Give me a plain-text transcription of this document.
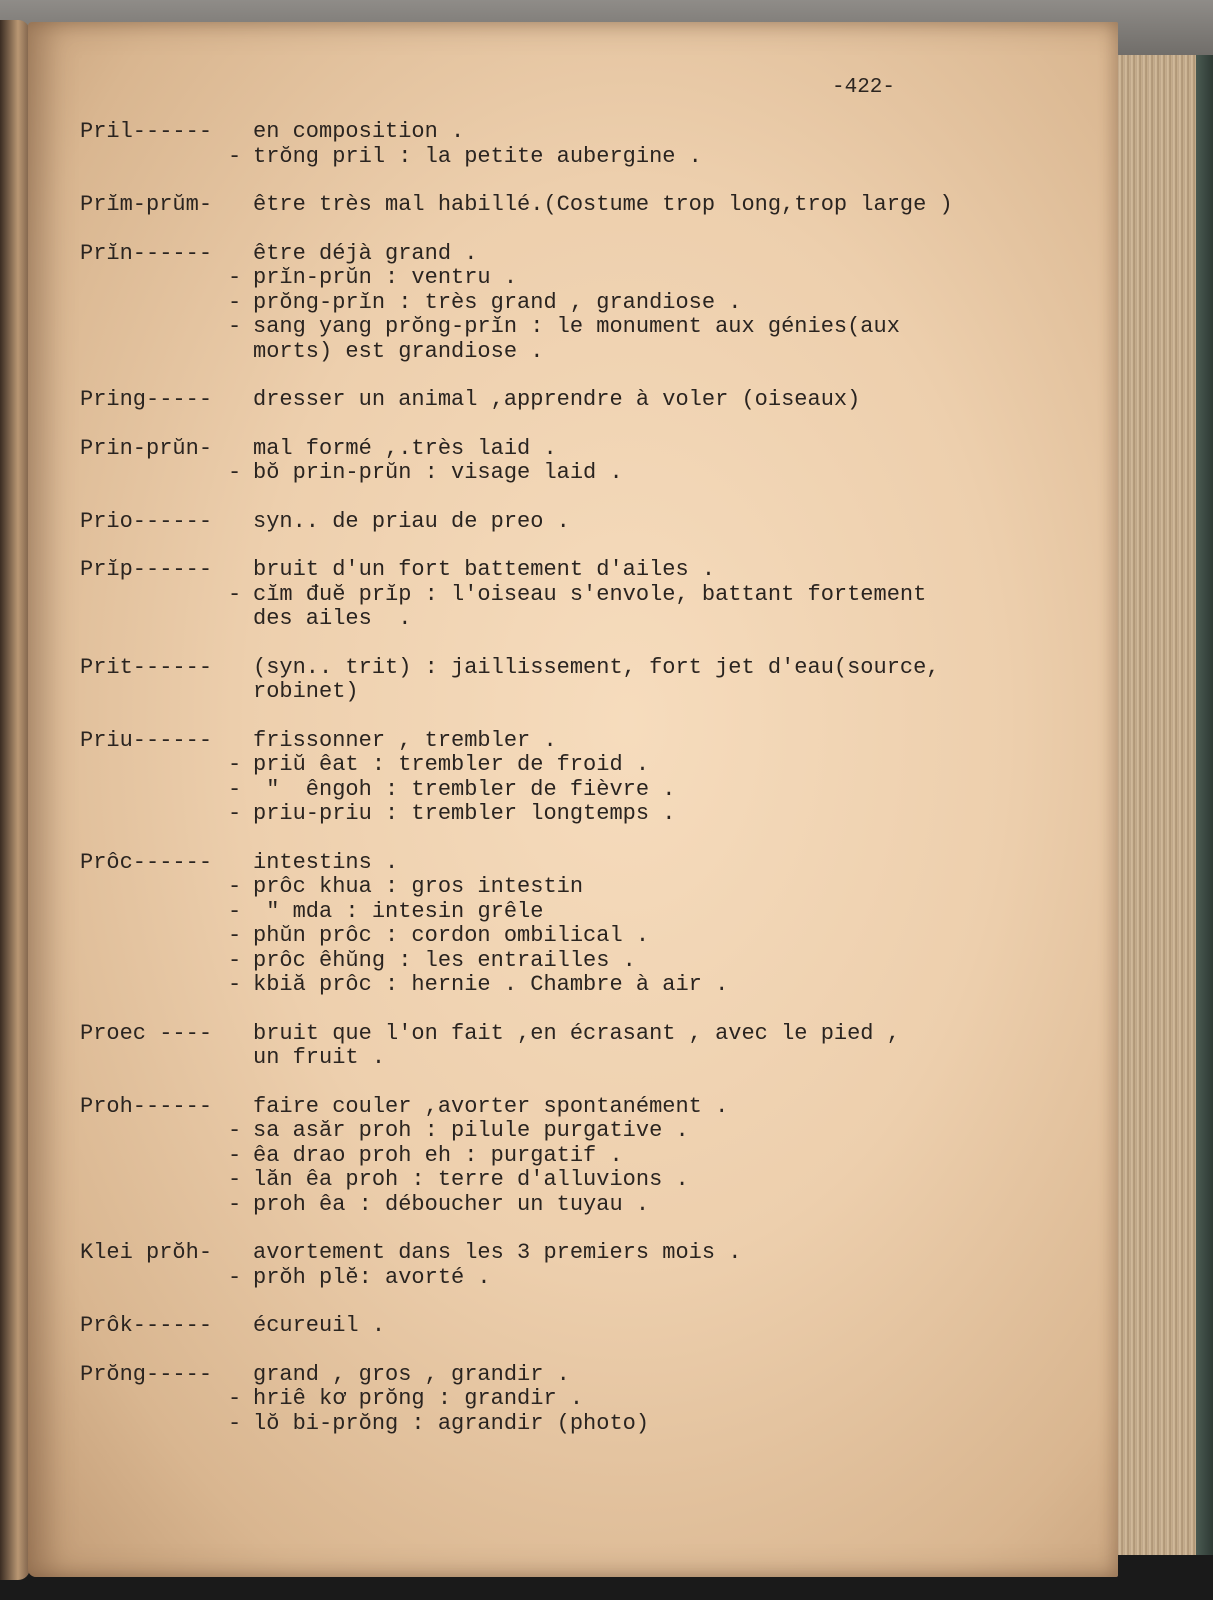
-422-
Pril------	en composition .
- trŏng pril : la petite aubergine .
Prĭm-prŭm-	être très mal habillé.(Costume trop long,trop large )
Prĭn------	être déjà grand .
- prĭn-prŭn : ventru .
- prŏng-prĭn : très grand , grandiose .
- sang yang prŏng-prĭn : le monument aux génies(aux
morts) est grandiose .
Pring-----	dresser un animal ,apprendre à voler (oiseaux)
Prin-prŭn-	mal formé ,.très laid .
- bŏ prin-prŭn : visage laid .
Prio------	syn.. de priau de preo .
Prĭp------	bruit d'un fort battement d'ailes .
- cĭm đuĕ prĭp : l'oiseau s'envole, battant fortement
des ailes  .
Prit------	(syn.. trit) : jaillissement, fort jet d'eau(source,
robinet)
Priu------	frissonner , trembler .
- priŭ êat : trembler de froid .
- "  êngoh : trembler de fièvre .
- priu-priu : trembler longtemps .
Prôc------	intestins .
- prôc khua : gros intestin
- " mda : intesin grêle
- phŭn prôc : cordon ombilical .
- prôc êhŭng : les entrailles .
- kbiă prôc : hernie . Chambre à air .
Proec ----	bruit que l'on fait ,en écrasant , avec le pied ,
un fruit .
Proh------	faire couler ,avorter spontanément .
- sa asăr proh : pilule purgative .
- êa drao proh eh : purgatif .
- lăn êa proh : terre d'alluvions .
- proh êa : déboucher un tuyau .
Klei prŏh-	avortement dans les 3 premiers mois .
- prŏh plĕ: avorté .
Prôk------	écureuil .
Prŏng-----	grand , gros , grandir .
- hriê kơ prŏng : grandir .
- lŏ bi-prŏng : agrandir (photo)
